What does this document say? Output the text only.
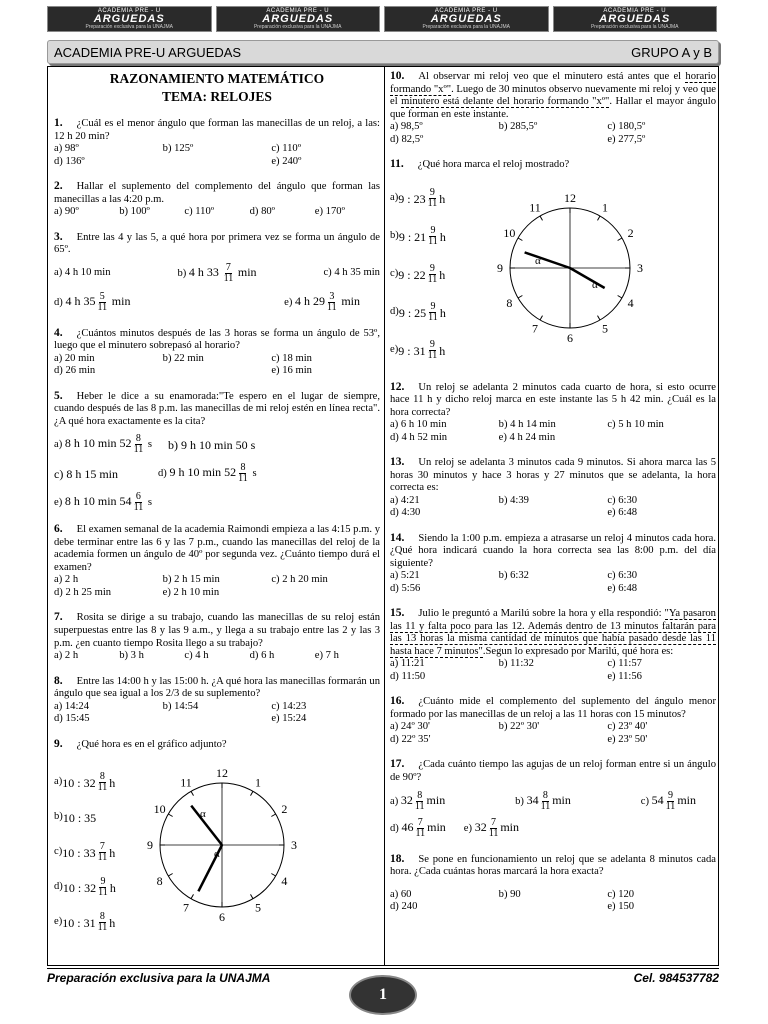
ACADEMIA PRE - U
ARGUEDAS
Preparación exclusiva para la UNAJMA
ACADEMIA PRE - U
ARGUEDAS
Preparación exclusiva para la UNAJMA
ACADEMIA PRE - U
ARGUEDAS
Preparación exclusiva para la UNAJMA
ACADEMIA PRE - U
ARGUEDAS
Preparación exclusiva para la UNAJMA
ACADEMIA PRE-U ARGUEDAS	GRUPO A y B
RAZONAMIENTO MATEMÁTICO
TEMA: RELOJES
1. ¿Cuál es el menor ángulo que forman las manecillas de un reloj, a las: 12 h 20 min?
a) 98º	b) 125º	c) 110º
d) 136º	e) 240º
2. Hallar el suplemento del complemento del ángulo que forman las manecillas a las 4:20 p.m.
a) 90º	b) 100º	c) 110º	d) 80º	e) 170º
3. Entre las 4 y las 5, a qué hora por primera vez se forma un ángulo de 65º.
a) 4 h 10 min	b) 4 h $33 \frac{7}{11}$ min	c) 4 h 35 min
d) 4 h $35 \frac{5}{11}$ min	e) 4 h $29 \frac{3}{11}$ min
4. ¿Cuántos minutos después de las 3 horas se forma un ángulo de 53º, luego que el minutero sobrepasó al horario?
a) 20 min	b) 22 min	c) 18 min
d) 26 min	e) 16 min
5. Heber le dice a su enamorada:"Te espero en el lugar de siempre, cuando después de las 8 p.m. las manecillas de mi reloj estén en línea recta". ¿A qué hora exactamente es la cita?
a) 8 h 10 $\min 52 \frac{8}{11}$ s b) 9 h 10 min 50 s
c) 8 h 15 min	d) 9 h 10 $\min 52 \frac{8}{11}$ s
e) 8 h 10 $\min 54 \frac{6}{11}$ s
6. El examen semanal de la academia Raimondi empieza a las 4:15 p.m. y debe terminar entre las 6 y las 7 p.m., cuando las manecillas del reloj de la academia formen un ángulo de 40º por segunda vez. ¿Cuánto tiempo durá el examen?
a) 2 h	b) 2 h 15 min	c) 2 h 20 min
d) 2 h 25 min	e) 2 h 10 min
7. Rosita se dirige a su trabajo, cuando las manecillas de su reloj están superpuestas entre las 8 y las 9 a.m., y llega a su trabajo entre las 2 y las 3 p.m. ¿en cuanto tiempo Rosita llego a su trabajo?
a) 2 h	b) 3 h	c) 4 h	d) 6 h	e) 7 h
8. Entre las 14:00 h y las 15:00 h. ¿A qué hora las manecillas formarán un ángulo que sea igual a los 2/3 de su suplemento?
a) 14:24	b) 14:54	c) 14:23
d) 15:45	e) 15:24
9. ¿Qué hora es en el gráfico adjunto?
a) 10 : $32 \frac{8}{11}$ h
b) 10 : 35
c) 10 : $33 \frac{7}{11}$ h
d) 10 : $32 \frac{9}{11}$ h
e) 10 : $31 \frac{8}{11}$ h
1
2
3
4
5
6
7
8
9
10
11
12
α
α
10. Al observar mi reloj veo que el minutero está antes que el horario formando "xº". Luego de 30 minutos observo nuevamente mi reloj y veo que el minutero está delante del horario formando "xº". Hallar el mayor ángulo que forman en este instante.
a) 98,5º	b) 285,5º	c) 180,5º
d) 82,5º	e) 277,5º
11. ¿Qué hora marca el reloj mostrado?
a) 9 : $23 \frac{9}{11}$ h
b) 9 : $21 \frac{9}{11}$ h
c) 9 : $22 \frac{9}{11}$ h
d) 9 : $25 \frac{9}{11}$ h
e) 9 : $31 \frac{9}{11}$ h
1
2
3
4
5
6
7
8
9
10
11
12
α
α
12. Un reloj se adelanta 2 minutos cada cuarto de hora, si esto ocurre hace 11 h y dicho reloj marca en este instante las 5 h 42 min. ¿Cuál es la hora correcta?
a) 6 h 10 min	b) 4 h 14 min	c) 5 h 10 min
d) 4 h 52 min	e) 4 h 24 min
13. Un reloj se adelanta 3 minutos cada 9 minutos. Si ahora marca las 5 horas 30 minutos y hace 3 horas y 27 minutos que se adelanta, la hora correcta es:
a) 4:21	b) 4:39	c) 6:30
d) 4:30	e) 6:48
14. Siendo la 1:00 p.m. empieza a atrasarse un reloj 4 minutos cada hora. ¿Qué hora indicará cuando la hora correcta sea las 8:00 p.m. del día siguiente?
a) 5:21	b) 6:32	c) 6:30
d) 5:56	e) 6:48
15. Julio le preguntó a Marilú sobre la hora y ella respondió: "Ya pasaron las 11 y falta poco para las 12. Además dentro de 13 minutos faltarán para las 13 horas la misma cantidad de minutos que había pasado desde las 11 hasta hace 7 minutos".Segun lo expresado por Marilú, qué hora es:
a) 11:21	b) 11:32	c) 11:57
d) 11:50	e) 11:56
16. ¿Cuánto mide el complemento del suplemento del ángulo menor formado por las manecillas de un reloj a las 11 horas con 15 minutos?
a) 24º 30'	b) 22º 30'	c) 23º 40'
d) 22º 35'	e) 23º 50'
17. ¿Cada cuánto tiempo las agujas de un reloj forman entre si un ángulo de 90º?
a) $32 \frac{8}{11}$ min	b) $34 \frac{8}{11}$ min	c) $54 \frac{9}{11}$ min
d) $46 \frac{7}{11}$ min e) $32 \frac{7}{11}$ min
18. Se pone en funcionamiento un reloj que se adelanta 8 minutos cada hora. ¿Cada cuántas horas marcará la hora exacta?
a) 60	b) 90	c) 120
d) 240	e) 150
Preparación exclusiva para la UNAJMA	Cel. 984537782
1
